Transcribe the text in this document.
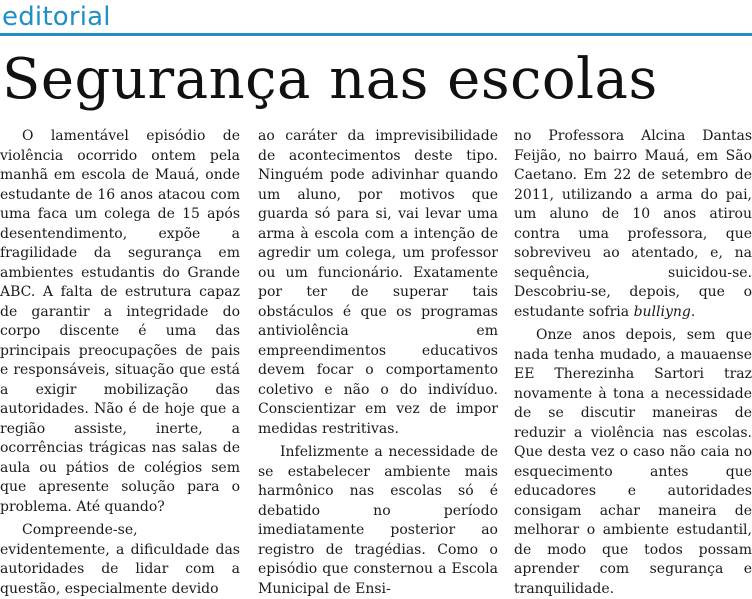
editorial
Segurança nas escolas

O lamentável episódio de violência ocorrido ontem pela manhã em escola de Mauá, onde estudante de 16 anos atacou com uma faca um colega de 15 após desentendimento, expõe a fragilidade da segurança em ambientes estudantis do Grande ABC. A falta de estrutura capaz de garantir a integridade do corpo discente é uma das principais preocupações de pais e responsáveis, situação que está a exigir mobilização das autoridades. Não é de hoje que a região assiste, inerte, a ocorrências trágicas nas salas de aula ou pátios de colégios sem que apresente solução para o problema. Até quando?

Compreende-se, evidentemente, a dificuldade das autoridades de lidar com a questão, especialmente devido

ao caráter da imprevisibilidade de acontecimentos deste tipo. Ninguém pode adivinhar quando um aluno, por motivos que guarda só para si, vai levar uma arma à escola com a intenção de agredir um colega, um professor ou um funcionário. Exatamente por ter de superar tais obstáculos é que os programas antiviolência em empreendimentos educativos devem focar o comportamento coletivo e não o do indivíduo. Conscientizar em vez de impor medidas restritivas.

Infelizmente a necessidade de se estabelecer ambiente mais harmônico nas escolas só é debatido no período imediatamente posterior ao registro de tragédias. Como o episódio que consternou a Escola Municipal de Ensi-

no Professora Alcina Dantas Feijão, no bairro Mauá, em São Caetano. Em 22 de setembro de 2011, utilizando a arma do pai, um aluno de 10 anos atirou contra uma professora, que sobreviveu ao atentado, e, na sequência, suicidou-se. Descobriu-se, depois, que o estudante sofria bulliyng.

Onze anos depois, sem que nada tenha mudado, a mauaense EE Therezinha Sartori traz novamente à tona a necessidade de se discutir maneiras de reduzir a violência nas escolas. Que desta vez o caso não caia no esquecimento antes que educadores e autoridades consigam achar maneira de melhorar o ambiente estudantil, de modo que todos possam aprender com segurança e tranquilidade.
